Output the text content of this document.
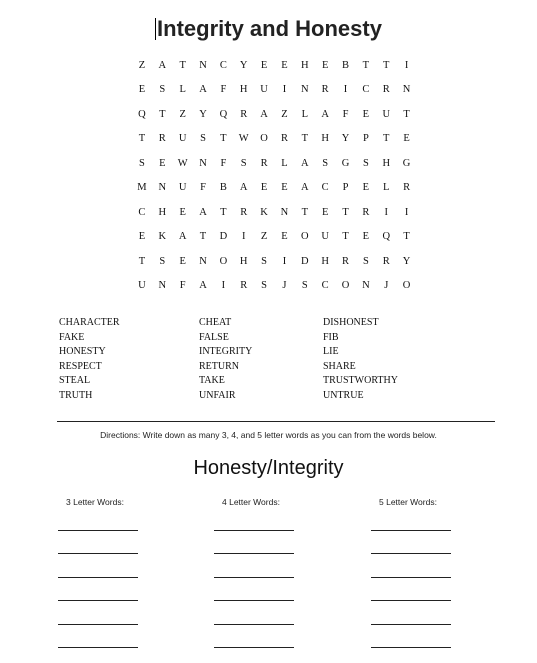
Integrity and Honesty
Z	A	T	N	C	Y	E	E	H	E	B	T	T	I
E	S	L	A	F	H	U	I	N	R	I	C	R	N
Q	T	Z	Y	Q	R	A	Z	L	A	F	E	U	T
T	R	U	S	T	W	O	R	T	H	Y	P	T	E
S	E	W	N	F	S	R	L	A	S	G	S	H	G
M	N	U	F	B	A	E	E	A	C	P	E	L	R
C	H	E	A	T	R	K	N	T	E	T	R	I	I
E	K	A	T	D	I	Z	E	O	U	T	E	Q	T
T	S	E	N	O	H	S	I	D	H	R	S	R	Y
U	N	F	A	I	R	S	J	S	C	O	N	J	O
CHARACTER	CHEAT	DISHONEST
FAKE	FALSE	FIB
HONESTY	INTEGRITY	LIE
RESPECT	RETURN	SHARE
STEAL	TAKE	TRUSTWORTHY
TRUTH	UNFAIR	UNTRUE
Directions: Write down as many 3, 4, and 5 letter words as you can from the words below.
Honesty/Integrity
3 Letter Words:	4 Letter Words:	5 Letter Words:
